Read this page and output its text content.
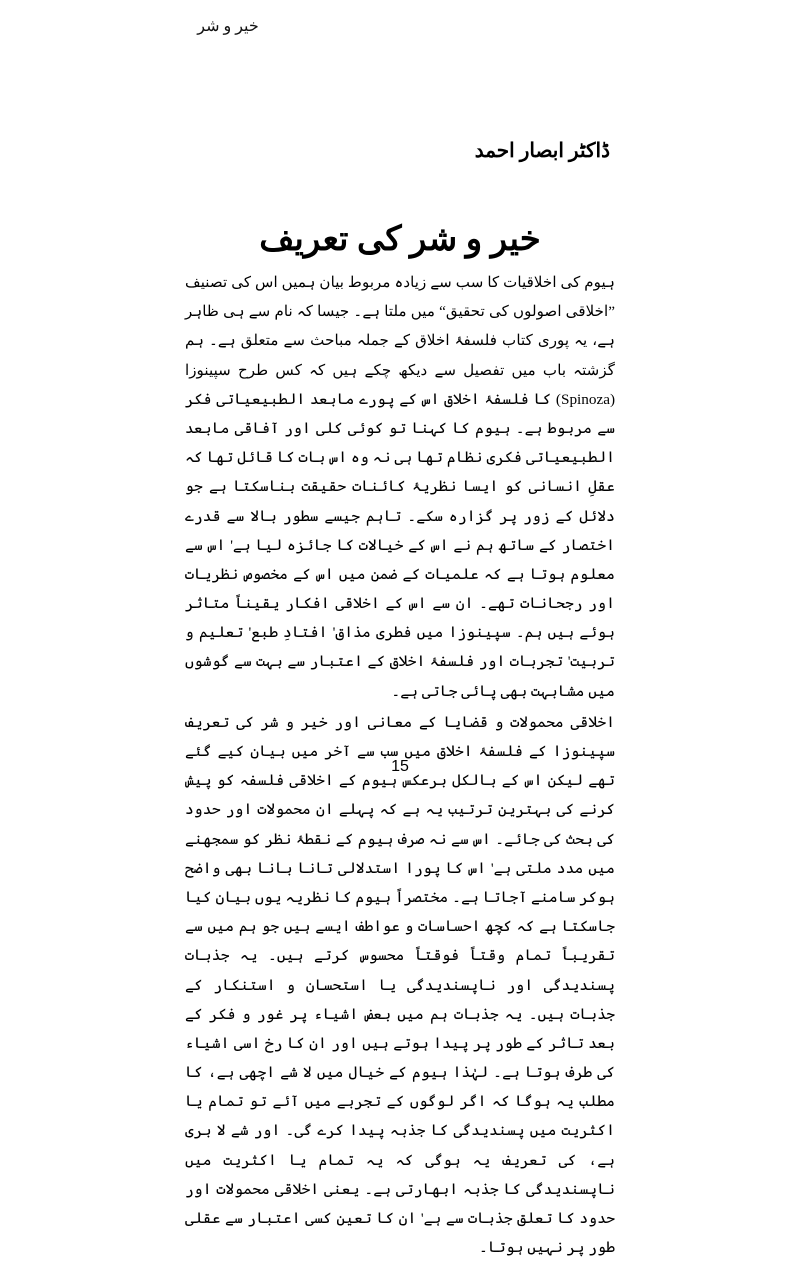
خیر و شر
ڈاکٹر ابصار احمد
خیر و شر کی تعریف

ہیوم کی اخلاقیات کا سب سے زیادہ مربوط بیان ہمیں اس کی تصنیف ”اخلاقی اصولوں کی تحقیق“ میں ملتا ہے۔ جیسا کہ نام سے ہی ظاہر ہے، یہ پوری کتاب فلسفۂ اخلاق کے جملہ مباحث سے متعلق ہے۔ ہم گزشتہ باب میں تفصیل سے دیکھ چکے ہیں کہ کس طرح سپینوزا (Spinoza) کا فلسفۂ اخلاق اس کے پورے مابعد الطبیعیاتی فکر سے مربوط ہے۔ ہیوم کا کہنا تو کوئی کلی اور آفاقی مابعد الطبیعیاتی فکری نظام تھا ہی نہ وہ اس بات کا قائل تھا کہ عقلِ انسانی کو ایسا نظریۂ کائنات حقیقت بناسکتا ہے جو دلائل کے زور پر گزارہ سکے۔ تاہم جیسے سطور بالا سے قدرے اختصار کے ساتھ ہم نے اس کے خیالات کا جائزہ لیا ہے' اس سے معلوم ہوتا ہے کہ علمیات کے ضمن میں اس کے مخصوص نظریات اور رجحانات تھے۔ ان سے اس کے اخلاقی افکار یقیناً متاثر ہوئے ہیں ہم۔ سپینوزا میں فطری مذاق' افتادِ طبع' تعلیم و تربیت' تجربات اور فلسفۂ اخلاق کے اعتبار سے بہت سے گوشوں میں مشابہت بھی پائی جاتی ہے۔

اخلاقی محمولات و قضایا کے معانی اور خیر و شر کی تعریف سپینوزا کے فلسفۂ اخلاق میں سب سے آخر میں بیان کیے گئے تھے لیکن اس کے بالکل برعکس ہیوم کے اخلاقی فلسفہ کو پیش کرنے کی بہترین ترتیب یہ ہے کہ پہلے ان محمولات اور حدود کی بحث کی جائے۔ اس سے نہ صرف ہیوم کے نقطۂ نظر کو سمجھنے میں مدد ملتی ہے' اس کا پورا استدلالی تانا بانا بھی واضح ہوکر سامنے آجاتا ہے۔ مختصراً ہیوم کا نظریہ یوں بیان کیا جاسکتا ہے کہ کچھ احساسات و عواطف ایسے ہیں جو ہم میں سے تقریباً تمام وقتاً فوقتاً محسوس کرتے ہیں۔ یہ جذبات پسندیدگی اور ناپسندیدگی یا استحسان و استنکار کے جذبات ہیں۔ یہ جذبات ہم میں بعض اشیاء پر غور و فکر کے بعد تاثر کے طور پر پیدا ہوتے ہیں اور ان کا رخ اسی اشیاء کی طرف ہوتا ہے۔ لہٰذا ہیوم کے خیال میں لا شے اچھی ہے، کا مطلب یہ ہوگا کہ اگر لوگوں کے تجربے میں آئے تو تمام یا اکثریت میں پسندیدگی کا جذبہ پیدا کرے گی۔ اور شے لا بری ہے، کی تعریف یہ ہوگی کہ یہ تمام یا اکثریت میں ناپسندیدگی کا جذبہ ابھارتی ہے۔ یعنی اخلاقی محمولات اور حدود کا تعلق جذبات سے ہے' ان کا تعین کسی اعتبار سے عقلی طور پر نہیں ہوتا۔

15
